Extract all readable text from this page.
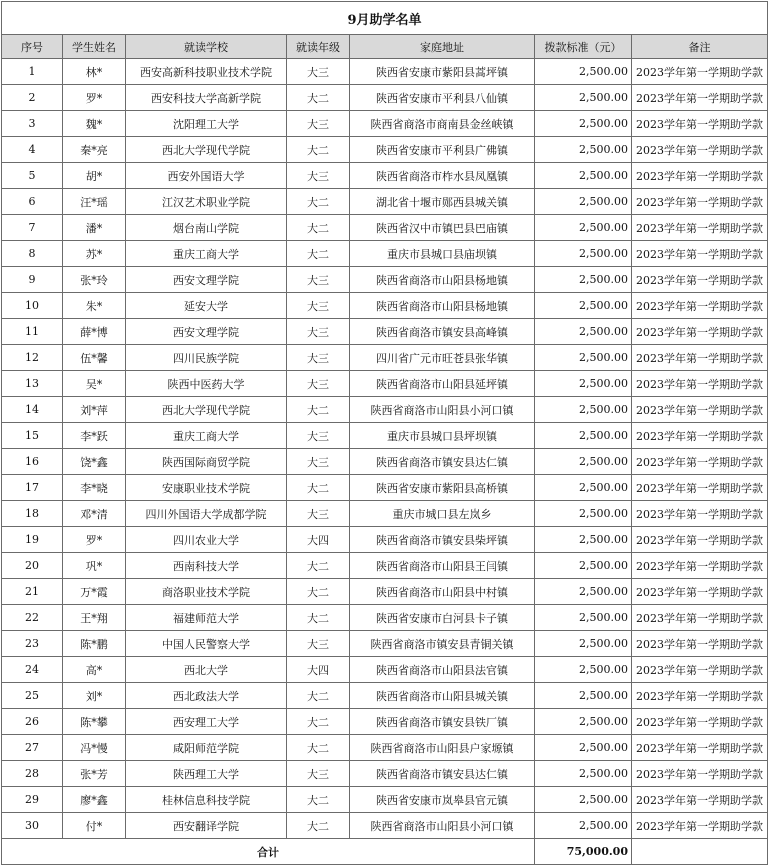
9月助学名单						
序号	学生姓名	就读学校	就读年级	家庭地址	拨款标准（元）	备注
1	林*	西安高新科技职业技术学院	大三	陕西省安康市紫阳县蒿坪镇	2,500.00	2023学年第一学期助学款
2	罗*	西安科技大学高新学院	大二	陕西省安康市平利县八仙镇	2,500.00	2023学年第一学期助学款
3	魏*	沈阳理工大学	大三	陕西省商洛市商南县金丝峡镇	2,500.00	2023学年第一学期助学款
4	秦*亮	西北大学现代学院	大二	陕西省安康市平利县广佛镇	2,500.00	2023学年第一学期助学款
5	胡*	西安外国语大学	大三	陕西省商洛市柞水县凤凰镇	2,500.00	2023学年第一学期助学款
6	汪*瑶	江汉艺术职业学院	大二	湖北省十堰市郧西县城关镇	2,500.00	2023学年第一学期助学款
7	潘*	烟台南山学院	大二	陕西省汉中市镇巴县巴庙镇	2,500.00	2023学年第一学期助学款
8	苏*	重庆工商大学	大二	重庆市县城口县庙坝镇	2,500.00	2023学年第一学期助学款
9	张*玲	西安文理学院	大三	陕西省商洛市山阳县杨地镇	2,500.00	2023学年第一学期助学款
10	朱*	延安大学	大三	陕西省商洛市山阳县杨地镇	2,500.00	2023学年第一学期助学款
11	薛*博	西安文理学院	大三	陕西省商洛市镇安县高峰镇	2,500.00	2023学年第一学期助学款
12	伍*馨	四川民族学院	大三	四川省广元市旺苍县张华镇	2,500.00	2023学年第一学期助学款
13	吴*	陕西中医药大学	大三	陕西省商洛市山阳县延坪镇	2,500.00	2023学年第一学期助学款
14	刘*萍	西北大学现代学院	大二	陕西省商洛市山阳县小河口镇	2,500.00	2023学年第一学期助学款
15	李*跃	重庆工商大学	大三	重庆市县城口县坪坝镇	2,500.00	2023学年第一学期助学款
16	饶*鑫	陕西国际商贸学院	大三	陕西省商洛市镇安县达仁镇	2,500.00	2023学年第一学期助学款
17	李*晓	安康职业技术学院	大二	陕西省安康市紫阳县高桥镇	2,500.00	2023学年第一学期助学款
18	邓*清	四川外国语大学成都学院	大三	重庆市城口县左岚乡	2,500.00	2023学年第一学期助学款
19	罗*	四川农业大学	大四	陕西省商洛市镇安县柴坪镇	2,500.00	2023学年第一学期助学款
20	巩*	西南科技大学	大二	陕西省商洛市山阳县王闫镇	2,500.00	2023学年第一学期助学款
21	万*霞	商洛职业技术学院	大二	陕西省商洛市山阳县中村镇	2,500.00	2023学年第一学期助学款
22	王*翔	福建师范大学	大二	陕西省安康市白河县卡子镇	2,500.00	2023学年第一学期助学款
23	陈*鹏	中国人民警察大学	大三	陕西省商洛市镇安县青铜关镇	2,500.00	2023学年第一学期助学款
24	高*	西北大学	大四	陕西省商洛市山阳县法官镇	2,500.00	2023学年第一学期助学款
25	刘*	西北政法大学	大二	陕西省商洛市山阳县城关镇	2,500.00	2023学年第一学期助学款
26	陈*攀	西安理工大学	大二	陕西省商洛市镇安县铁厂镇	2,500.00	2023学年第一学期助学款
27	冯*慢	咸阳师范学院	大二	陕西省商洛市山阳县户家塬镇	2,500.00	2023学年第一学期助学款
28	张*芳	陕西理工大学	大三	陕西省商洛市镇安县达仁镇	2,500.00	2023学年第一学期助学款
29	廖*鑫	桂林信息科技学院	大二	陕西省安康市岚皋县官元镇	2,500.00	2023学年第一学期助学款
30	付*	西安翻译学院	大二	陕西省商洛市山阳县小河口镇	2,500.00	2023学年第一学期助学款
合计					75,000.00	
